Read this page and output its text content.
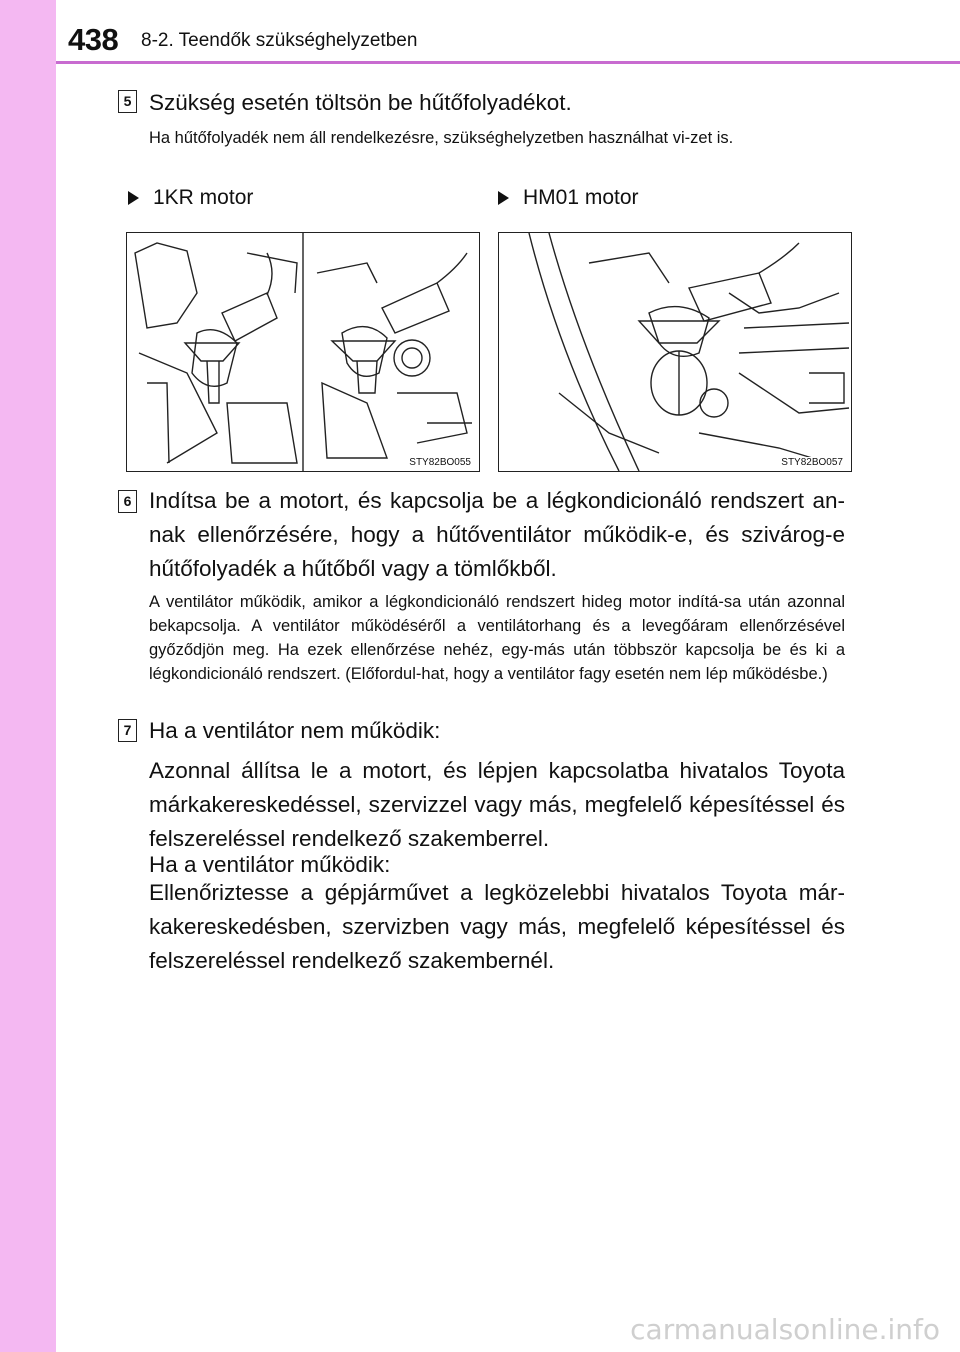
438 8-2. Teendők szükséghelyzetben
5 Szükség esetén töltsön be hűtőfolyadékot.
Ha hűtőfolyadék nem áll rendelkezésre, szükséghelyzetben használhat vi-zet is.
1KR motor	HM01 motor
STY82BO055	STY82BO057
6 Indítsa be a motort, és kapcsolja be a légkondicionáló rendszert an-nak ellenőrzésére, hogy a hűtőventilátor működik-e, és szivárog-e hűtőfolyadék a hűtőből vagy a tömlőkből.
A ventilátor működik, amikor a légkondicionáló rendszert hideg motor indítá-sa után azonnal bekapcsolja. A ventilátor működéséről a ventilátorhang és a levegőáram ellenőrzésével győződjön meg. Ha ezek ellenőrzése nehéz, egy-más után többször kapcsolja be és ki a légkondicionáló rendszert. (Előfordul-hat, hogy a ventilátor fagy esetén nem lép működésbe.)
7 Ha a ventilátor nem működik:
Azonnal állítsa le a motort, és lépjen kapcsolatba hivatalos Toyota márkakereskedéssel, szervizzel vagy más, megfelelő képesítéssel és felszereléssel rendelkező szakemberrel.
Ha a ventilátor működik:
Ellenőriztesse a gépjárművet a legközelebbi hivatalos Toyota már-kakereskedésben, szervizben vagy más, megfelelő képesítéssel és felszereléssel rendelkező szakembernél.
carmanualsonline.info
